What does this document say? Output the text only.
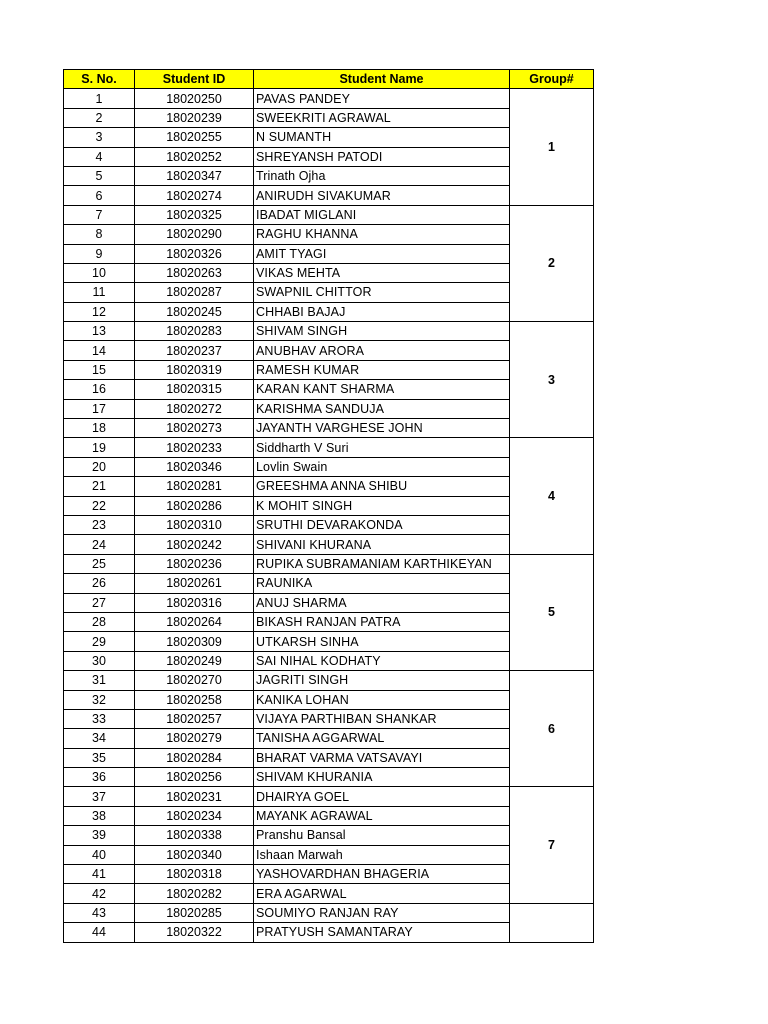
S. No.	Student ID	Student Name	Group#
1	18020250	PAVAS PANDEY	1
2	18020239	SWEEKRITI AGRAWAL	
3	18020255	N SUMANTH	
4	18020252	SHREYANSH PATODI	
5	18020347	Trinath Ojha	
6	18020274	ANIRUDH SIVAKUMAR	
7	18020325	IBADAT MIGLANI	2
8	18020290	RAGHU KHANNA	
9	18020326	AMIT TYAGI	
10	18020263	VIKAS MEHTA	
11	18020287	SWAPNIL CHITTOR	
12	18020245	CHHABI BAJAJ	
13	18020283	SHIVAM SINGH	3
14	18020237	ANUBHAV ARORA	
15	18020319	RAMESH KUMAR	
16	18020315	KARAN KANT SHARMA	
17	18020272	KARISHMA SANDUJA	
18	18020273	JAYANTH VARGHESE JOHN	
19	18020233	Siddharth V Suri	4
20	18020346	Lovlin Swain	
21	18020281	GREESHMA ANNA SHIBU	
22	18020286	K MOHIT SINGH	
23	18020310	SRUTHI DEVARAKONDA	
24	18020242	SHIVANI KHURANA	
25	18020236	RUPIKA SUBRAMANIAM KARTHIKEYAN	5
26	18020261	RAUNIKA	
27	18020316	ANUJ SHARMA	
28	18020264	BIKASH RANJAN PATRA	
29	18020309	UTKARSH SINHA	
30	18020249	SAI NIHAL KODHATY	
31	18020270	JAGRITI SINGH	6
32	18020258	KANIKA LOHAN	
33	18020257	VIJAYA PARTHIBAN SHANKAR	
34	18020279	TANISHA AGGARWAL	
35	18020284	BHARAT VARMA VATSAVAYI	
36	18020256	SHIVAM KHURANIA	
37	18020231	DHAIRYA GOEL	7
38	18020234	MAYANK AGRAWAL	
39	18020338	Pranshu Bansal	
40	18020340	Ishaan Marwah	
41	18020318	YASHOVARDHAN BHAGERIA	
42	18020282	ERA AGARWAL	
43	18020285	SOUMIYO RANJAN RAY	
44	18020322	PRATYUSH SAMANTARAY	
